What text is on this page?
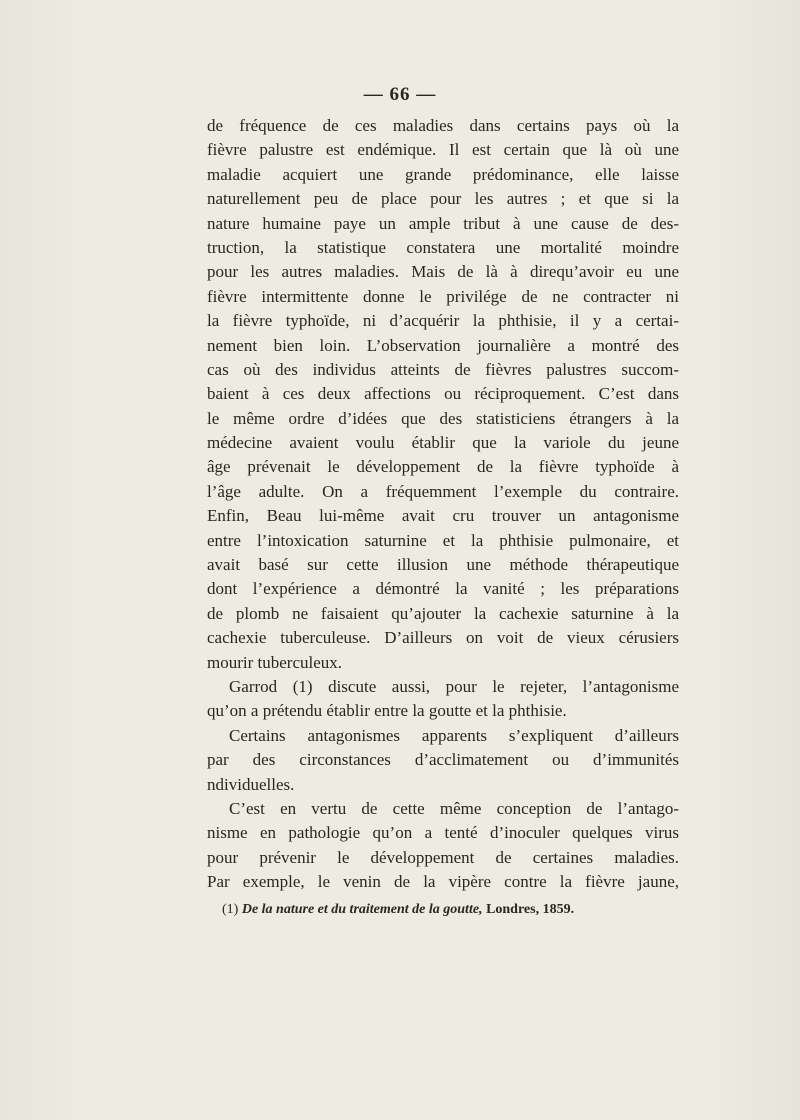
— 66 —
de fréquence de ces maladies dans certains pays où la
fièvre palustre est endémique. Il est certain que là où une
maladie acquiert une grande prédominance, elle laisse
naturellement peu de place pour les autres ; et que si la
nature humaine paye un ample tribut à une cause de des-
truction, la statistique constatera une mortalité moindre
pour les autres maladies. Mais de là à direqu’avoir eu une
fièvre intermittente donne le privilége de ne contracter ni
la fièvre typhoïde, ni d’acquérir la phthisie, il y a certai-
nement bien loin. L’observation journalière a montré des
cas où des individus atteints de fièvres palustres succom-
baient à ces deux affections ou réciproquement. C’est dans
le même ordre d’idées que des statisticiens étrangers à la
médecine avaient voulu établir que la variole du jeune
âge prévenait le développement de la fièvre typhoïde à
l’âge adulte. On a fréquemment l’exemple du contraire.
Enfin, Beau lui-même avait cru trouver un antagonisme
entre l’intoxication saturnine et la phthisie pulmonaire, et
avait basé sur cette illusion une méthode thérapeutique
dont l’expérience a démontré la vanité ; les préparations
de plomb ne faisaient qu’ajouter la cachexie saturnine à la
cachexie tuberculeuse. D’ailleurs on voit de vieux cérusiers
mourir tuberculeux.
Garrod (1) discute aussi, pour le rejeter, l’antagonisme
qu’on a prétendu établir entre la goutte et la phthisie.
Certains antagonismes apparents s’expliquent d’ailleurs
par des circonstances d’acclimatement ou d’immunités
ndividuelles.
C’est en vertu de cette même conception de l’antago-
nisme en pathologie qu’on a tenté d’inoculer quelques virus
pour prévenir le développement de certaines maladies.
Par exemple, le venin de la vipère contre la fièvre jaune,
(1) De la nature et du traitement de la goutte, Londres, 1859.
